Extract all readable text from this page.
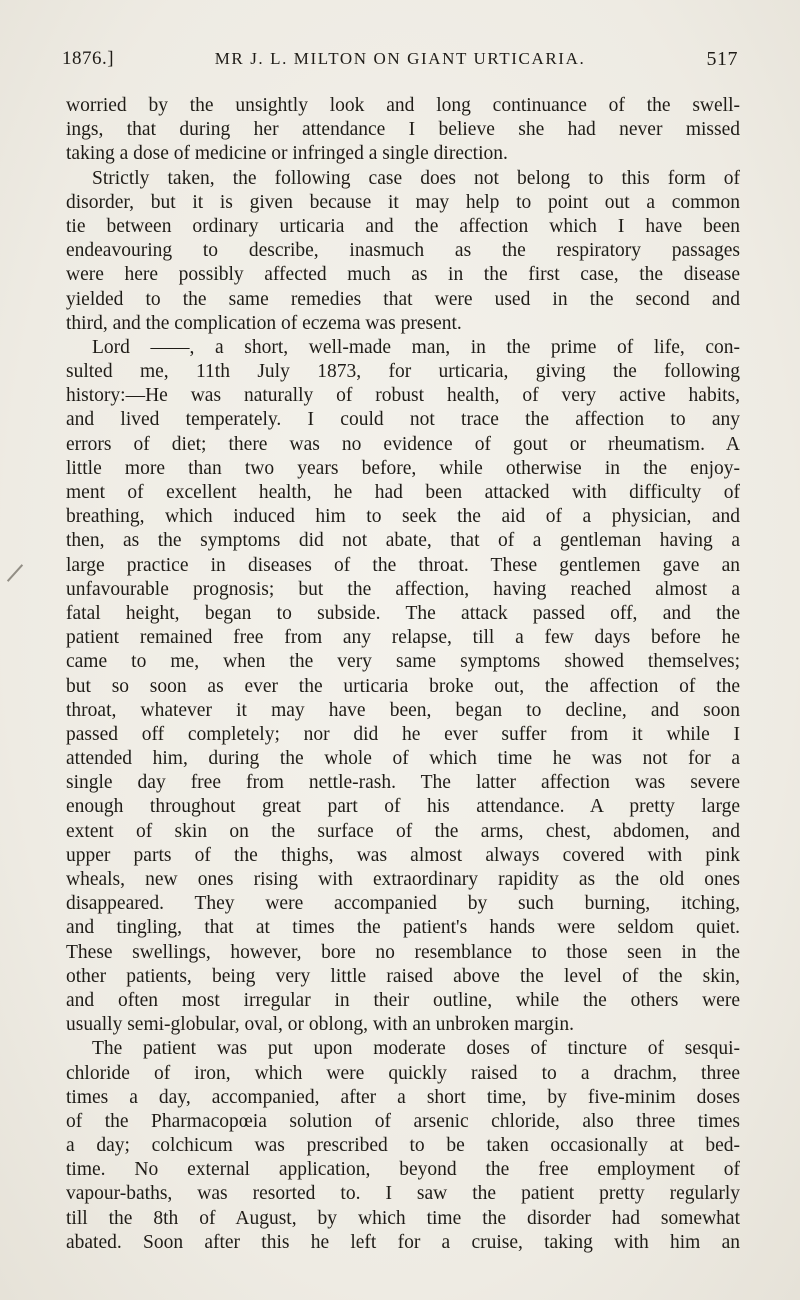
1876.]	MR J. L. MILTON ON GIANT URTICARIA.	517
worried by the unsightly look and long continuance of the swell-
ings, that during her attendance I believe she had never missed
taking a dose of medicine or infringed a single direction.
Strictly taken, the following case does not belong to this form of
disorder, but it is given because it may help to point out a common
tie between ordinary urticaria and the affection which I have been
endeavouring to describe, inasmuch as the respiratory passages
were here possibly affected much as in the first case, the disease
yielded to the same remedies that were used in the second and
third, and the complication of eczema was present.
Lord ——, a short, well-made man, in the prime of life, con-
sulted me, 11th July 1873, for urticaria, giving the following
history:—He was naturally of robust health, of very active habits,
and lived temperately. I could not trace the affection to any
errors of diet; there was no evidence of gout or rheumatism. A
little more than two years before, while otherwise in the enjoy-
ment of excellent health, he had been attacked with difficulty of
breathing, which induced him to seek the aid of a physician, and
then, as the symptoms did not abate, that of a gentleman having a
large practice in diseases of the throat. These gentlemen gave an
unfavourable prognosis; but the affection, having reached almost a
fatal height, began to subside. The attack passed off, and the
patient remained free from any relapse, till a few days before he
came to me, when the very same symptoms showed themselves;
but so soon as ever the urticaria broke out, the affection of the
throat, whatever it may have been, began to decline, and soon
passed off completely; nor did he ever suffer from it while I
attended him, during the whole of which time he was not for a
single day free from nettle-rash. The latter affection was severe
enough throughout great part of his attendance. A pretty large
extent of skin on the surface of the arms, chest, abdomen, and
upper parts of the thighs, was almost always covered with pink
wheals, new ones rising with extraordinary rapidity as the old ones
disappeared. They were accompanied by such burning, itching,
and tingling, that at times the patient's hands were seldom quiet.
These swellings, however, bore no resemblance to those seen in the
other patients, being very little raised above the level of the skin,
and often most irregular in their outline, while the others were
usually semi-globular, oval, or oblong, with an unbroken margin.
The patient was put upon moderate doses of tincture of sesqui-
chloride of iron, which were quickly raised to a drachm, three
times a day, accompanied, after a short time, by five-minim doses
of the Pharmacopœia solution of arsenic chloride, also three times
a day; colchicum was prescribed to be taken occasionally at bed-
time. No external application, beyond the free employment of
vapour-baths, was resorted to. I saw the patient pretty regularly
till the 8th of August, by which time the disorder had somewhat
abated. Soon after this he left for a cruise, taking with him an
